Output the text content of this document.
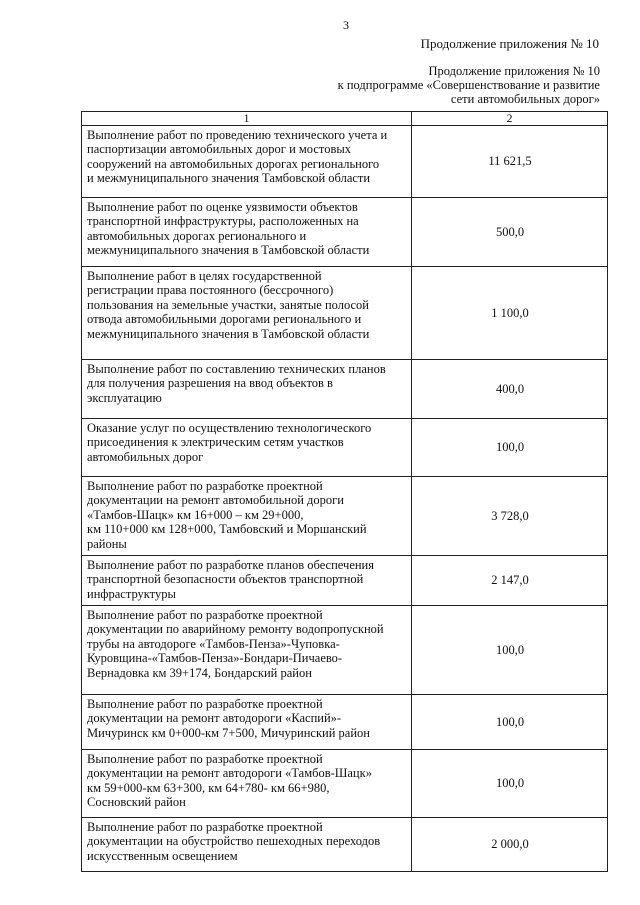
3
Продолжение приложения № 10
Продолжение приложения № 10
к подпрограмме «Совершенствование и развитие
сети автомобильных дорог»
1	2

Выполнение работ по проведению технического учета и
паспортизации автомобильных дорог и мостовых
сооружений на автомобильных дорогах регионального
и межмуниципального значения Тамбовской области	11 621,5

Выполнение работ по оценке уязвимости объектов
транспортной инфраструктуры, расположенных на
автомобильных дорогах регионального и
межмуниципального значения в Тамбовской области	500,0

Выполнение работ в целях государственной
регистрации права постоянного (бессрочного)
пользования на земельные участки, занятые полосой
отвода автомобильными дорогами регионального и
межмуниципального значения в Тамбовской области	1 100,0

Выполнение работ по составлению технических планов
для получения разрешения на ввод объектов в
эксплуатацию	400,0

Оказание услуг по осуществлению технологического
присоединения к электрическим сетям участков
автомобильных дорог	100,0

Выполнение работ по разработке проектной
документации на ремонт автомобильной дороги
«Тамбов-Шацк» км 16+000 – км 29+000,
км 110+000 км 128+000, Тамбовский и Моршанский
районы	3 728,0

Выполнение работ по разработке планов обеспечения
транспортной безопасности объектов транспортной
инфраструктуры	2 147,0

Выполнение работ по разработке проектной
документации по аварийному ремонту водопропускной
трубы на автодороге «Тамбов-Пенза»-Чуповка-
Куровщина-«Тамбов-Пенза»-Бондари-Пичаево-
Вернадовка км 39+174, Бондарский район	100,0

Выполнение работ по разработке проектной
документации на ремонт автодороги «Каспий»-
Мичуринск км 0+000-км 7+500, Мичуринский район	100,0

Выполнение работ по разработке проектной
документации на ремонт автодороги «Тамбов-Шацк»
км 59+000-км 63+300, км 64+780- км 66+980,
Сосновский район	100,0

Выполнение работ по разработке проектной
документации на обустройство пешеходных переходов
искусственным освещением	2 000,0
